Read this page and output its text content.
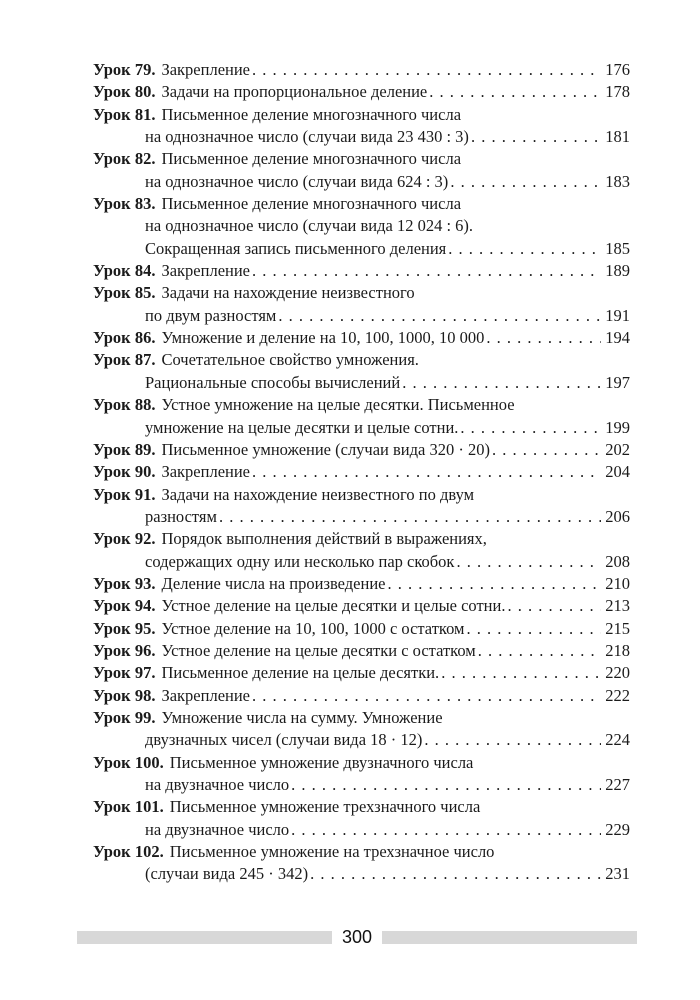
Урок 79. Закрепление . . .	176
Урок 80. Задачи на пропорциональное деление . . .	178
Урок 81. Письменное деление многозначного числа
на однозначное число (случаи вида 23 430 : 3) . . .	181
Урок 82. Письменное деление многозначного числа
на однозначное число (случаи вида 624 : 3) . . .	183
Урок 83. Письменное деление многозначного числа
на однозначное число (случаи вида 12 024 : 6).
Сокращенная запись письменного деления . . .	185
Урок 84. Закрепление . . .	189
Урок 85. Задачи на нахождение неизвестного
по двум разностям . . .	191
Урок 86. Умножение и деление на 10, 100, 1000, 10 000 . . .	194
Урок 87. Сочетательное свойство умножения.
Рациональные способы вычислений . . .	197
Урок 88. Устное умножение на целые десятки. Письменное
умножение на целые десятки и целые сотни. . . .	199
Урок 89. Письменное умножение (случаи вида 320 · 20) . . .	202
Урок 90. Закрепление . . .	204
Урок 91. Задачи на нахождение неизвестного по двум
разностям . . .	206
Урок 92. Порядок выполнения действий в выражениях,
содержащих одну или несколько пар скобок . . .	208
Урок 93. Деление числа на произведение . . .	210
Урок 94. Устное деление на целые десятки и целые сотни. . . .	213
Урок 95. Устное деление на 10, 100, 1000 с остатком . . .	215
Урок 96. Устное деление на целые десятки с остатком . . .	218
Урок 97. Письменное деление на целые десятки. . . .	220
Урок 98. Закрепление . . .	222
Урок 99. Умножение числа на сумму. Умножение
двузначных чисел (случаи вида 18 · 12) . . .	224
Урок 100. Письменное умножение двузначного числа
на двузначное число . . .	227
Урок 101. Письменное умножение трехзначного числа
на двузначное число . . .	229
Урок 102. Письменное умножение на трехзначное число
(случаи вида 245 · 342) . . .	231
300
